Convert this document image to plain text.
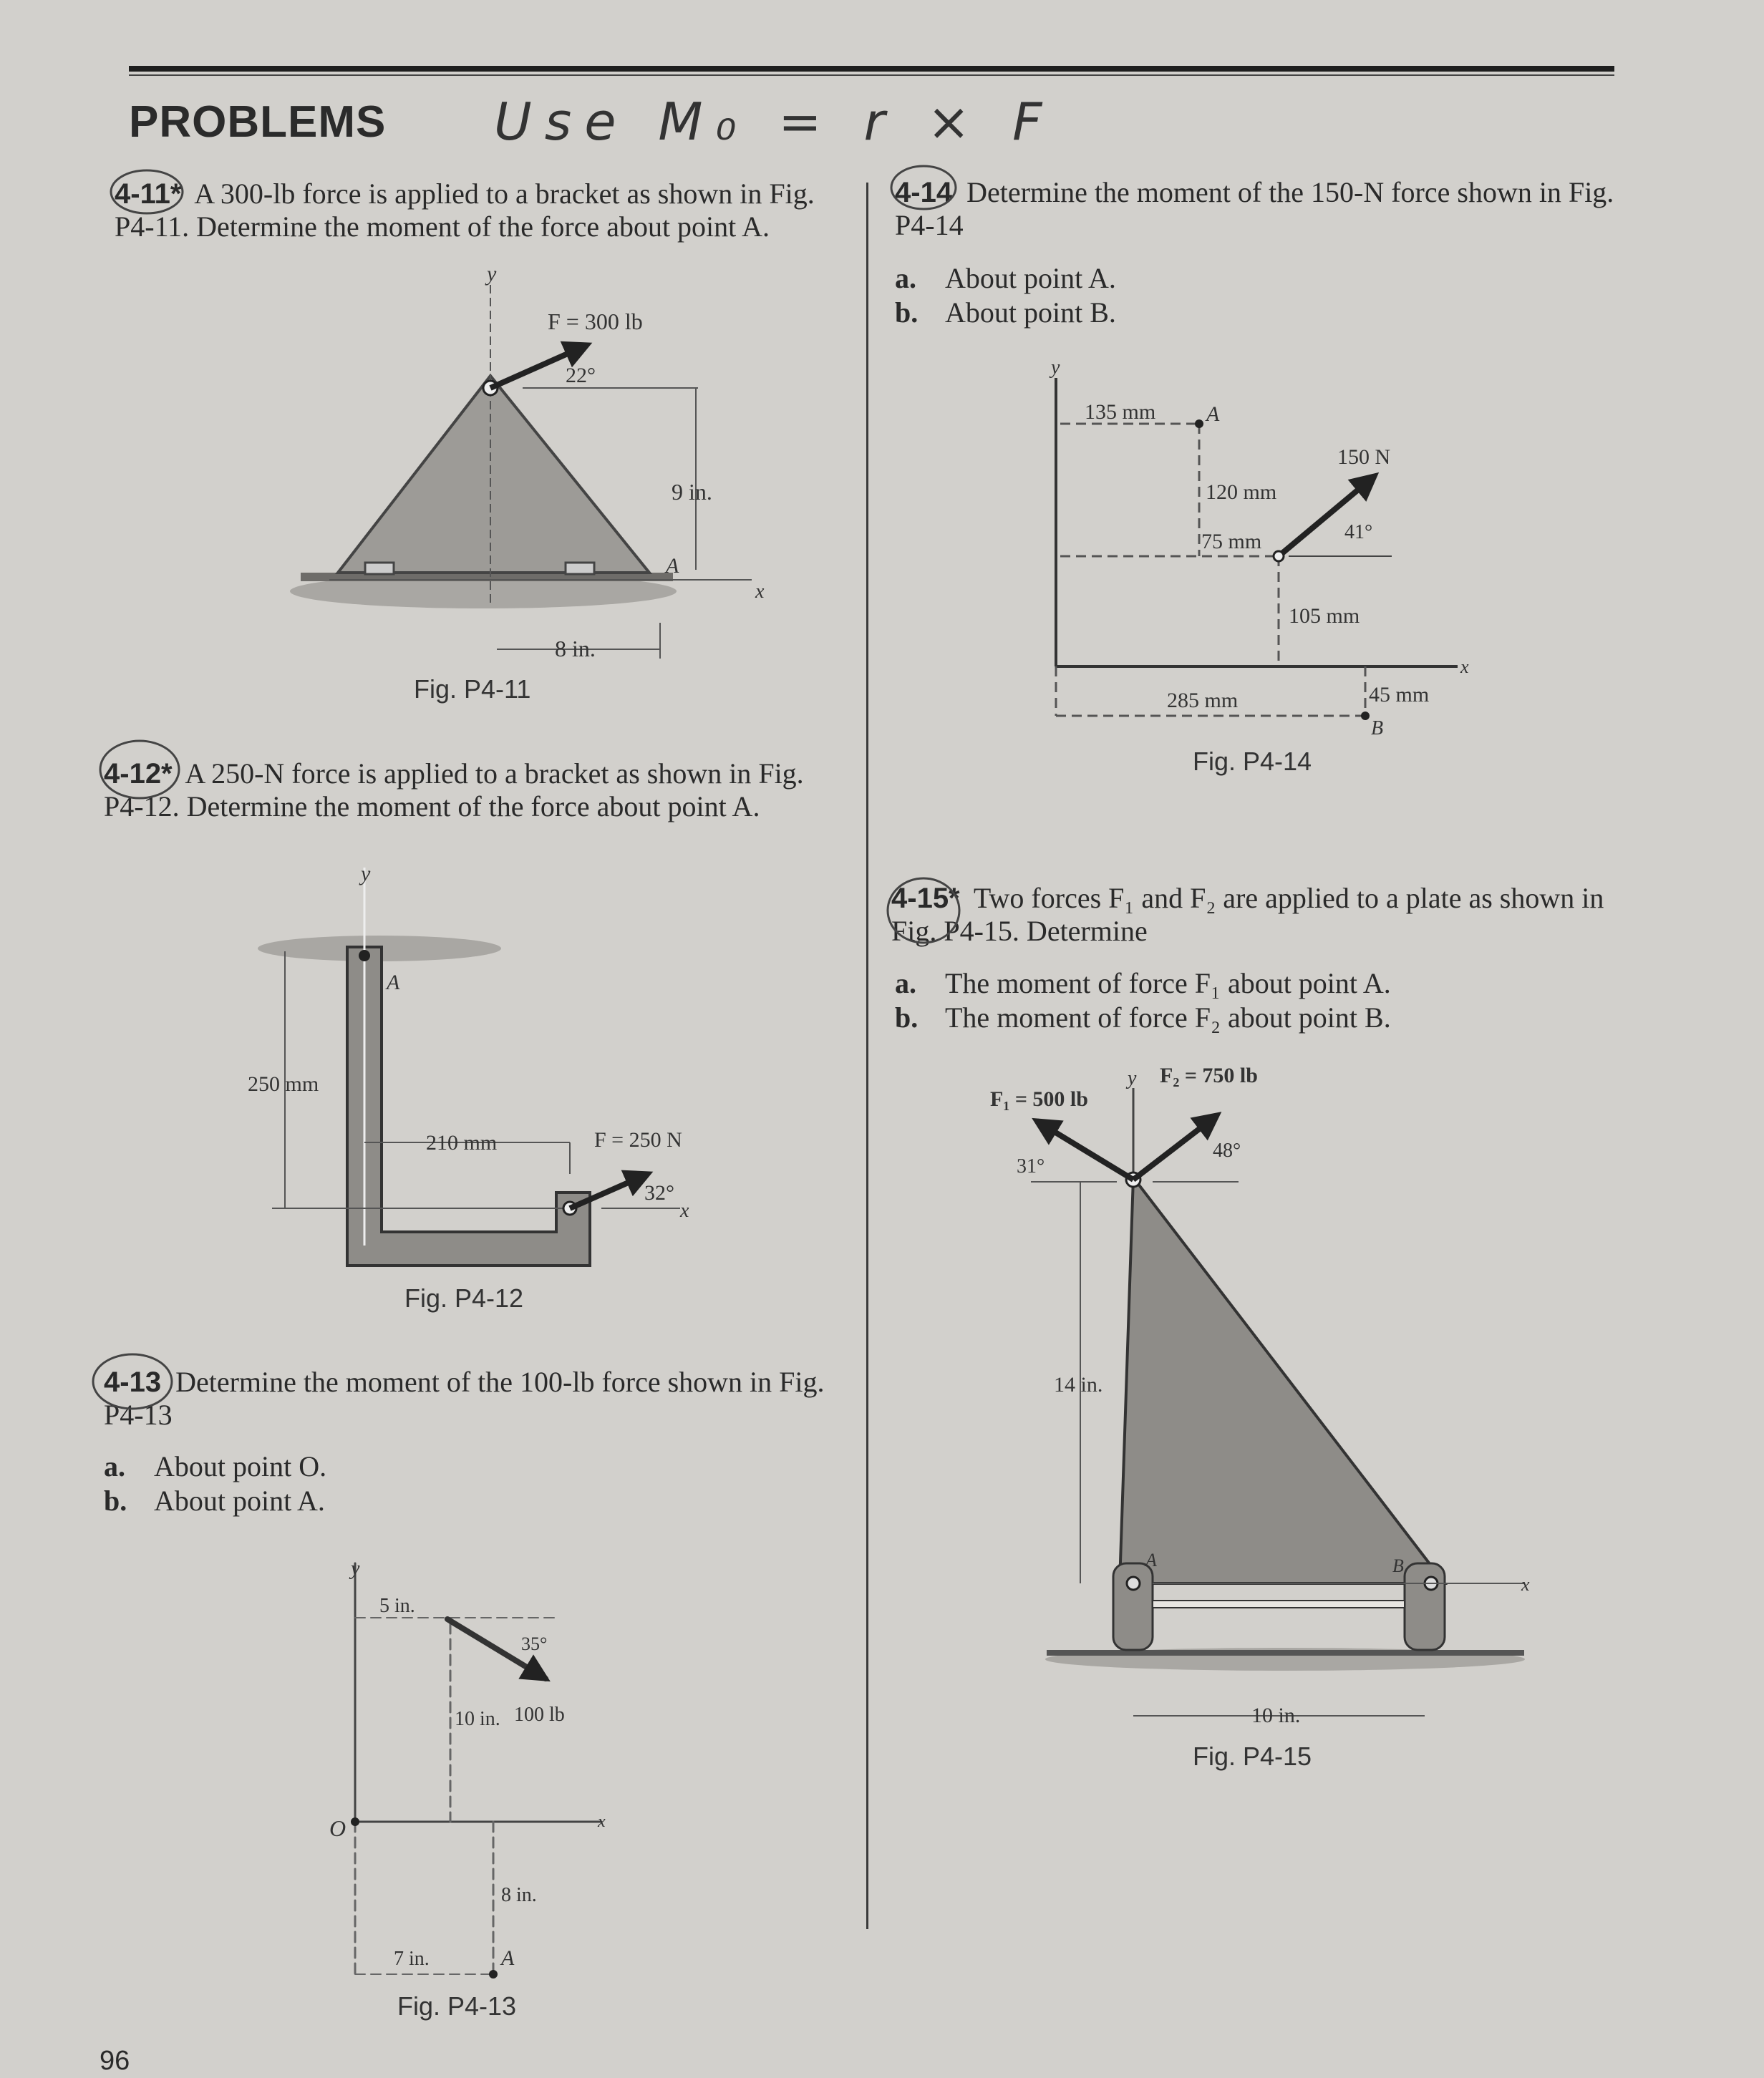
PROBLEMS Use M₀ = r × F
4-11* A 300-lb force is applied to a bracket as shown in Fig. P4-11. Determine the moment of the force about point A.
4-12* A 250-N force is applied to a bracket as shown in Fig. P4-12. Determine the moment of the force about point A.
4-13 Determine the moment of the 100-lb force shown in Fig. P4-13
a. About point O.
b. About point A.
4-14 Determine the moment of the 150-N force shown in Fig. P4-14
a. About point A.
b. About point B.
4-15* Two forces F₁ and F₂ are applied to a plate as shown in Fig. P4-15. Determine
a. The moment of force F₁ about point A.
b. The moment of force F₂ about point B.
96
y
F = 300 lb
22°
9 in.
A
x
8 in.
Fig. P4-11
y
A
250 mm
210 mm	F = 250 N
32°
x
Fig. P4-12
y
5 in.
35°
10 in. 100 lb
O	x
8 in.
7 in.	A
Fig. P4-13
y
135 mm A
150 N
120 mm
75 mm	41°
105 mm
x
285 mm	45 mm
B
Fig. P4-14
y
F₁ = 500 lb
F₂ = 750 lb
31°
48°
14 in.
A	B
x
10 in.
Fig. P4-15
